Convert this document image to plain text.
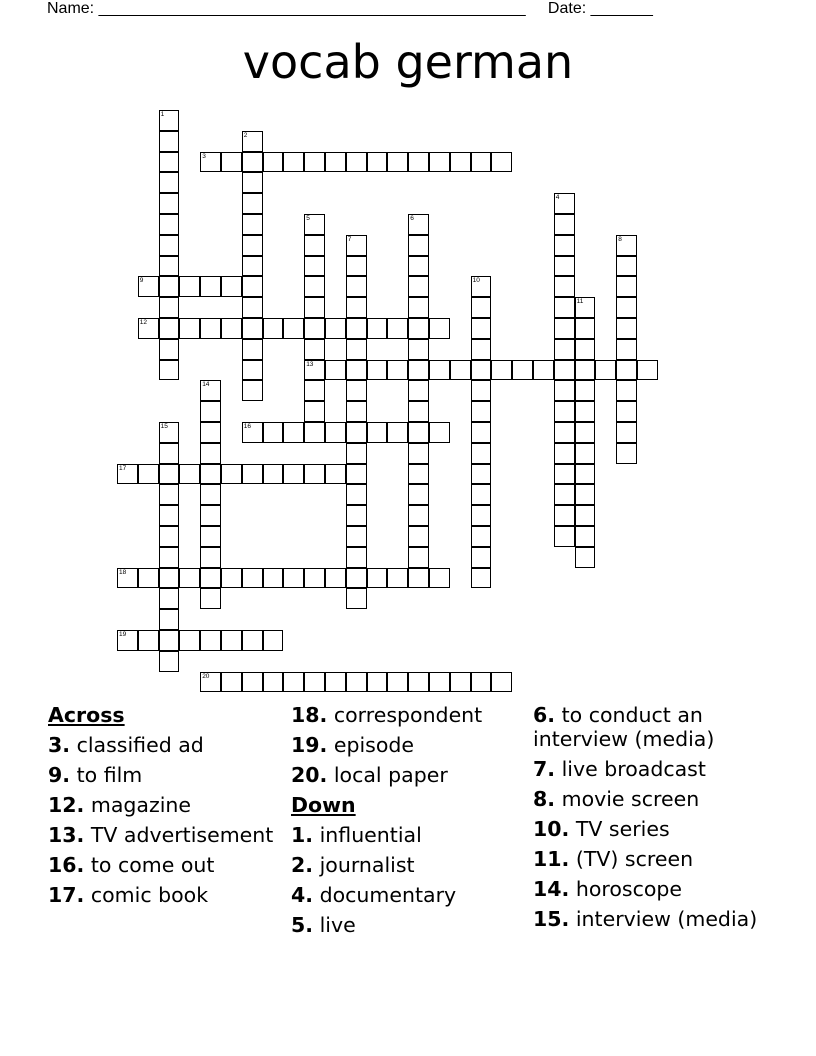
Name: ________________________________________________     Date: _______
vocab german
1
2
3
4
5
13
6
7	8
9	10
11
12
14
15	16
17
18
19
20
Across
3. classified ad
9. to film
12. magazine
13. TV advertisement
16. to come out
17. comic book
18. correspondent
19. episode
20. local paper
Down
1. influential
2. journalist
4. documentary
5. live
6. to conduct an interview (media)
7. live broadcast
8. movie screen
10. TV series
11. (TV) screen
14. horoscope
15. interview (media)
